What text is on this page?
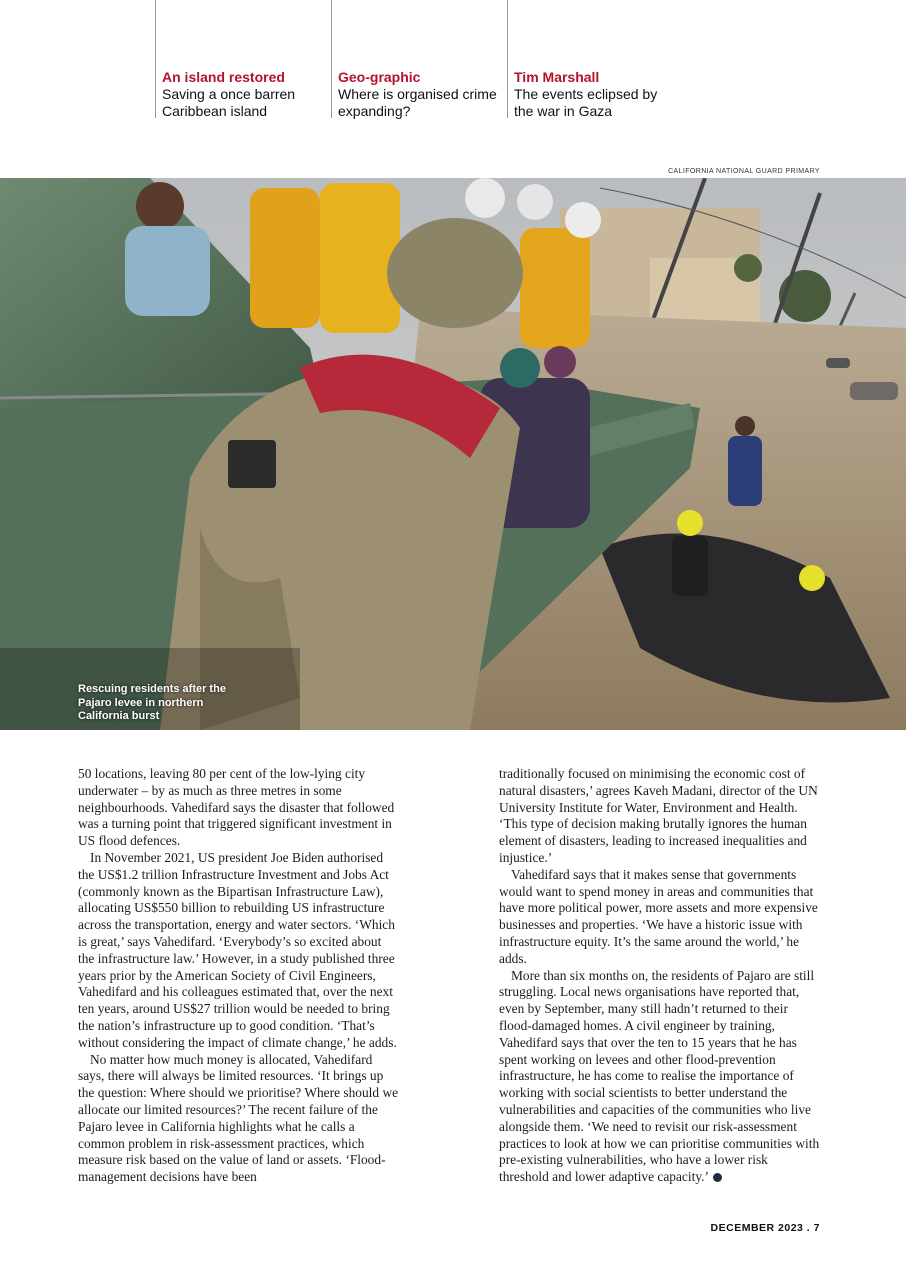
An island restored
Saving a once barren Caribbean island
Geo-graphic
Where is organised crime expanding?
Tim Marshall
The events eclipsed by the war in Gaza
CALIFORNIA NATIONAL GUARD PRIMARY
Rescuing residents after the Pajaro levee in northern California burst

50 locations, leaving 80 per cent of the low-lying city underwater – by as much as three metres in some neighbourhoods. Vahedifard says the disaster that followed was a turning point that triggered significant investment in US flood defences.

In November 2021, US president Joe Biden authorised the US$1.2 trillion Infrastructure Investment and Jobs Act (commonly known as the Bipartisan Infrastructure Law), allocating US$550 billion to rebuilding US infrastructure across the transportation, energy and water sectors. ‘Which is great,’ says Vahedifard. ‘Everybody’s so excited about the infrastructure law.’ However, in a study published three years prior by the American Society of Civil Engineers, Vahedifard and his colleagues estimated that, over the next ten years, around US$27 trillion would be needed to bring the nation’s infrastructure up to good condition. ‘That’s without considering the impact of climate change,’ he adds.

No matter how much money is allocated, Vahedifard says, there will always be limited resources. ‘It brings up the question: Where should we prioritise? Where should we allocate our limited resources?’ The recent failure of the Pajaro levee in California highlights what he calls a common problem in risk-assessment practices, which measure risk based on the value of land or assets. ‘Flood-management decisions have been

traditionally focused on minimising the economic cost of natural disasters,’ agrees Kaveh Madani, director of the UN University Institute for Water, Environment and Health. ‘This type of decision making brutally ignores the human element of disasters, leading to increased inequalities and injustice.’

Vahedifard says that it makes sense that governments would want to spend money in areas and communities that have more political power, more assets and more expensive businesses and properties. ‘We have a historic issue with infrastructure equity. It’s the same around the world,’ he adds.

More than six months on, the residents of Pajaro are still struggling. Local news organisations have reported that, even by September, many still hadn’t returned to their flood-damaged homes. A civil engineer by training, Vahedifard says that over the ten to 15 years that he has spent working on levees and other flood-prevention infrastructure, he has come to realise the importance of working with social scientists to better understand the vulnerabilities and capacities of the communities who live alongside them. ‘We need to revisit our risk-assessment practices to look at how we can prioritise communities with pre-existing vulnerabilities, who have a lower risk threshold and lower adaptive capacity.’

DECEMBER 2023 . 7
